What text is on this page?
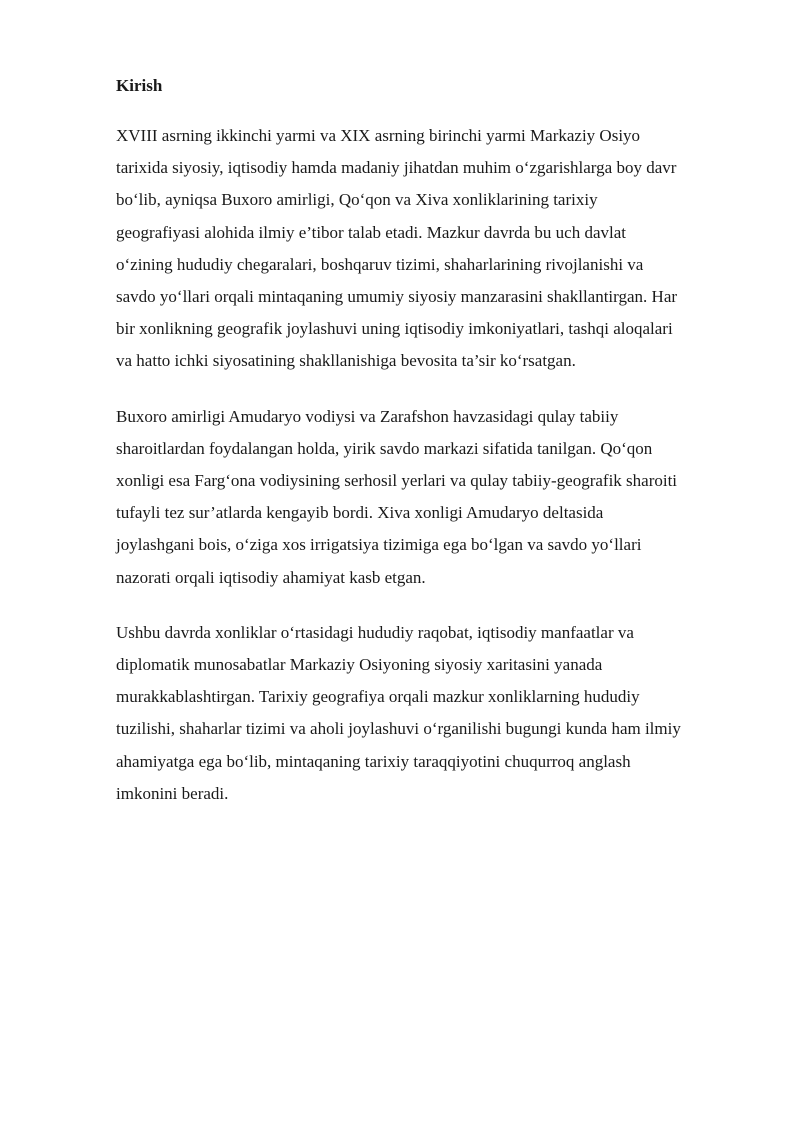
Kirish

XVIII asrning ikkinchi yarmi va XIX asrning birinchi yarmi Markaziy Osiyo
tarixida siyosiy, iqtisodiy hamda madaniy jihatdan muhim o‘zgarishlarga boy davr
bo‘lib, ayniqsa Buxoro amirligi, Qo‘qon va Xiva xonliklarining tarixiy
geografiyasi alohida ilmiy e’tibor talab etadi. Mazkur davrda bu uch davlat
o‘zining hududiy chegaralari, boshqaruv tizimi, shaharlarining rivojlanishi va
savdo yo‘llari orqali mintaqaning umumiy siyosiy manzarasini shakllantirgan. Har
bir xonlikning geografik joylashuvi uning iqtisodiy imkoniyatlari, tashqi aloqalari
va hatto ichki siyosatining shakllanishiga bevosita ta’sir ko‘rsatgan.

Buxoro amirligi Amudaryo vodiysi va Zarafshon havzasidagi qulay tabiiy
sharoitlardan foydalangan holda, yirik savdo markazi sifatida tanilgan. Qo‘qon
xonligi esa Farg‘ona vodiysining serhosil yerlari va qulay tabiiy-geografik sharoiti
tufayli tez sur’atlarda kengayib bordi. Xiva xonligi Amudaryo deltasida
joylashgani bois, o‘ziga xos irrigatsiya tizimiga ega bo‘lgan va savdo yo‘llari
nazorati orqali iqtisodiy ahamiyat kasb etgan.

Ushbu davrda xonliklar o‘rtasidagi hududiy raqobat, iqtisodiy manfaatlar va
diplomatik munosabatlar Markaziy Osiyoning siyosiy xaritasini yanada
murakkablashtirgan. Tarixiy geografiya orqali mazkur xonliklarning hududiy
tuzilishi, shaharlar tizimi va aholi joylashuvi o‘rganilishi bugungi kunda ham ilmiy
ahamiyatga ega bo‘lib, mintaqaning tarixiy taraqqiyotini chuqurroq anglash
imkonini beradi.
